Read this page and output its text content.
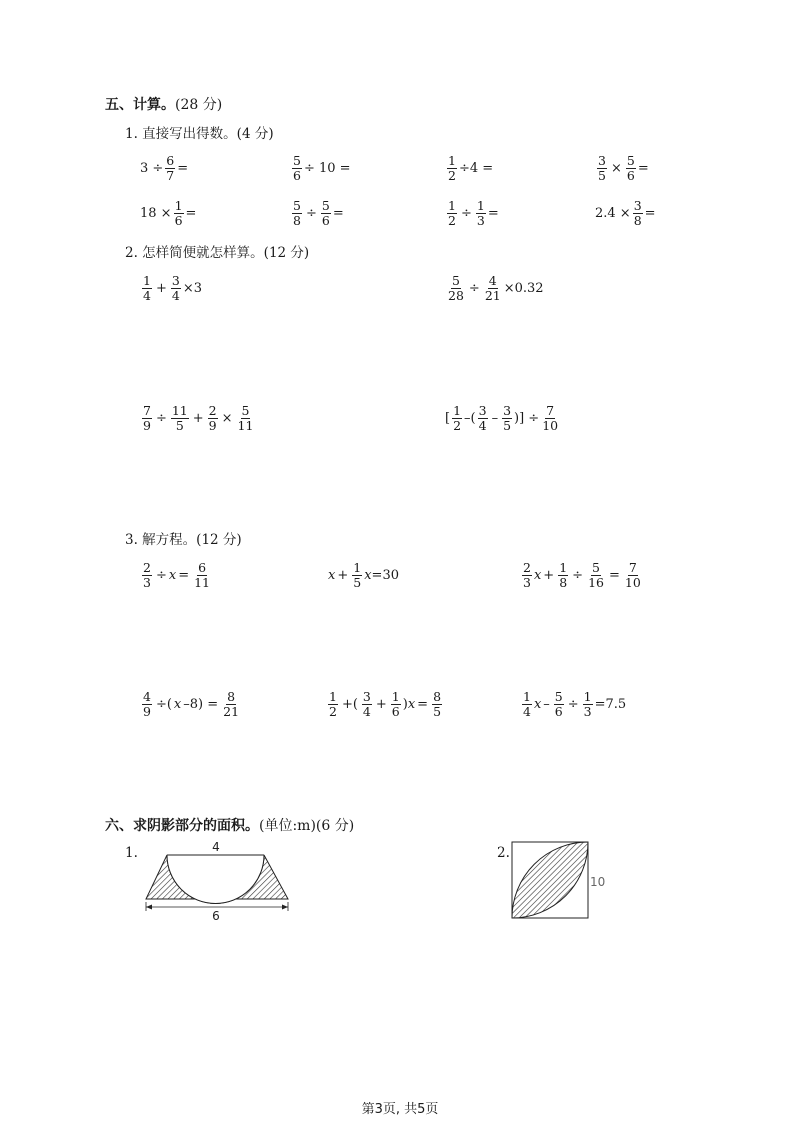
五、计算。(28 分)
1. 直接写出得数。(4 分)
$3 \div \frac{6}{7}$ =	$\frac{5}{6} \div 10$ =	$\frac{1}{2} \div 4$ =	$\frac{3}{5} \times \frac{5}{6}$ =
$18 \times \frac{1}{6}$ =	$\frac{5}{8} \div \frac{5}{6}$ =	$\frac{1}{2} \div \frac{1}{3}$ =	$2.4 \times \frac{3}{8}$ =
2. 怎样简便就怎样算。(12 分)
$\frac{1}{4} + \frac{3}{4} \times 3$	$\frac{5}{28} \div \frac{4}{21} \times 0.32$
$\frac{7}{9} \div \frac{11}{5} + \frac{2}{9} \times \frac{5}{11}$	[ $\frac{1}{2}$ –( $\frac{3}{4} - \frac{3}{5}$ )] ÷ $\frac{7}{10}$
3. 解方程。(12 分)
$\frac{2}{3} \div x = \frac{6}{11}$	$x + \frac{1}{5}$ x =30	$\frac{2}{3}$ $x + \frac{1}{8} \div \frac{5}{16} = \frac{7}{10}$
$\frac{4}{9}$ ÷( x $-8) = \frac{8}{21}$	$\frac{1}{2}$ +( $\frac{3}{4} + \frac{1}{6}$ ) $x = \frac{8}{5}$	$\frac{1}{4}$ $x - \frac{5}{6} \div \frac{1}{3} =7.5$
六、求阴影部分的面积。(单位:m)(6 分)
1.	4
6
2.
10
第3页, 共5页
